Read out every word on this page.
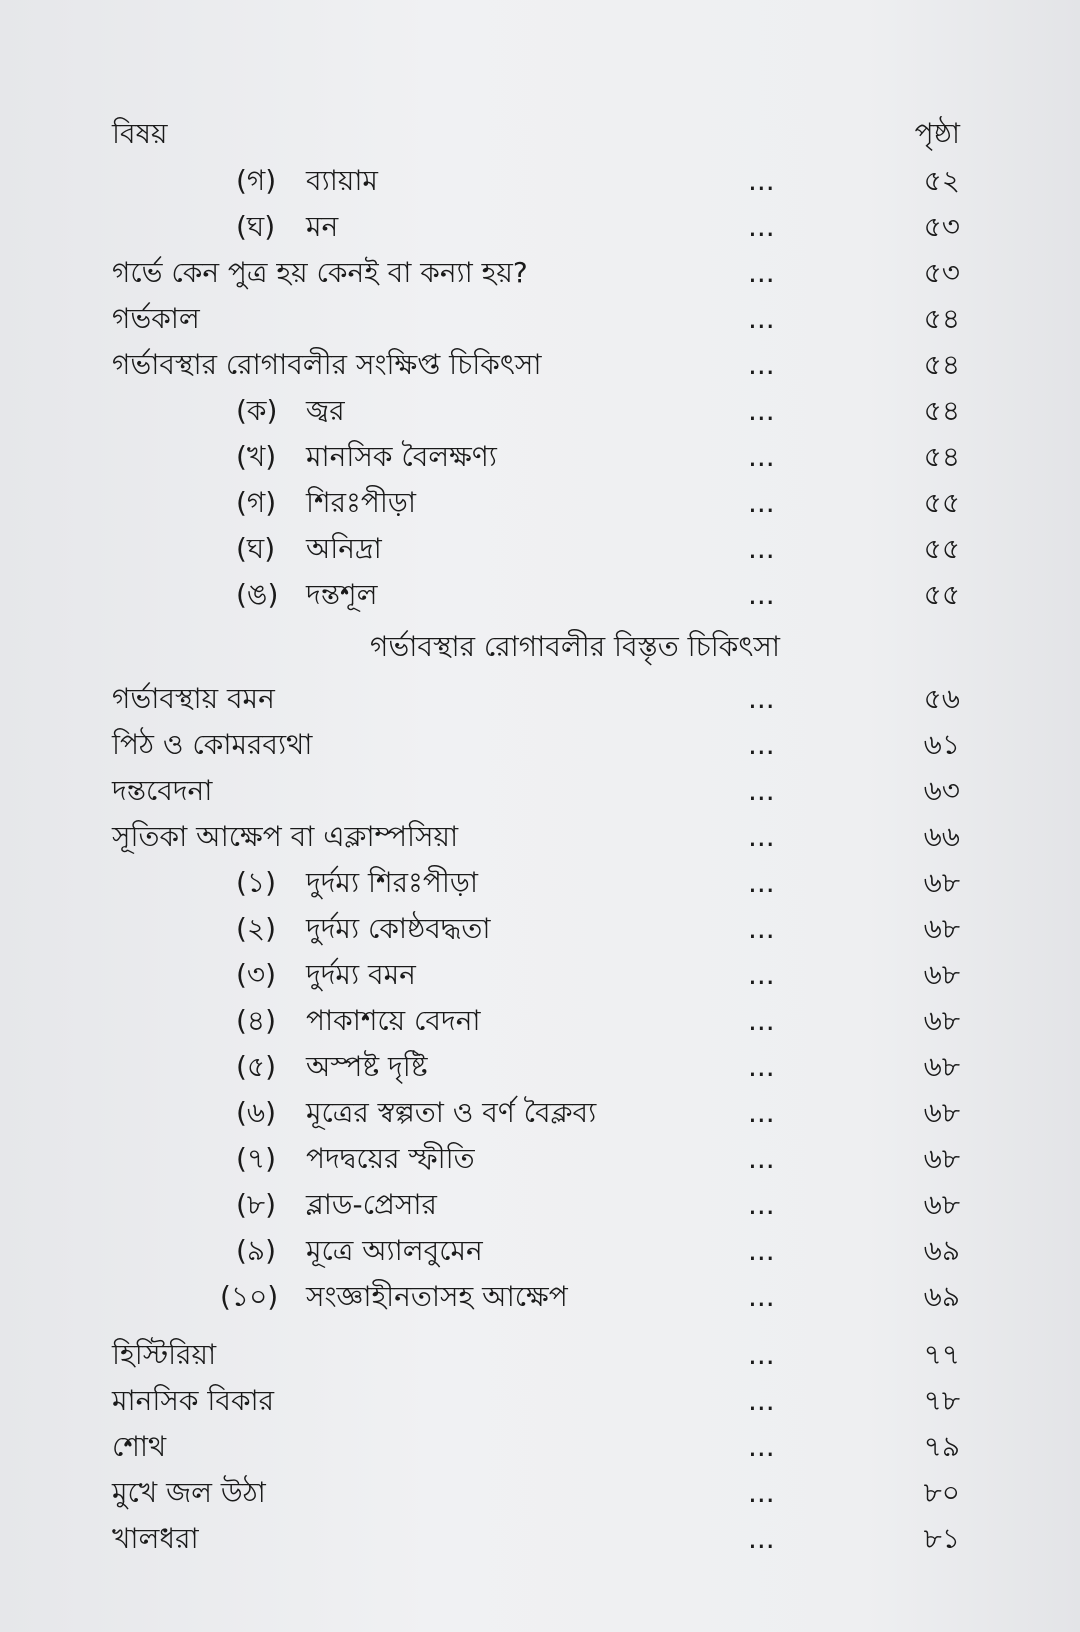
বিষয়	পৃষ্ঠা
(গ) ব্যায়াম	...	৫২
(ঘ) মন	...	৫৩
গর্ভে কেন পুত্র হয় কেনই বা কন্যা হয়?	...	৫৩
গর্ভকাল	...	৫৪
গর্ভাবস্থার রোগাবলীর সংক্ষিপ্ত চিকিৎসা	...	৫৪
(ক) জ্বর	...	৫৪
(খ) মানসিক বৈলক্ষণ্য	...	৫৪
(গ) শিরঃপীড়া	...	৫৫
(ঘ) অনিদ্রা	...	৫৫
(ঙ) দন্তশূল	...	৫৫
গর্ভাবস্থার রোগাবলীর বিস্তৃত চিকিৎসা
গর্ভাবস্থায় বমন	...	৫৬
পিঠ ও কোমরব্যথা	...	৬১
দন্তবেদনা	...	৬৩
সূতিকা আক্ষেপ বা এক্লাম্পসিয়া	...	৬৬
(১) দুর্দম্য শিরঃপীড়া	...	৬৮
(২) দুর্দম্য কোষ্ঠবদ্ধতা	...	৬৮
(৩) দুর্দম্য বমন	...	৬৮
(৪) পাকাশয়ে বেদনা	...	৬৮
(৫) অস্পষ্ট দৃষ্টি	...	৬৮
(৬) মূত্রের স্বল্পতা ও বর্ণ বৈক্লব্য	...	৬৮
(৭) পদদ্বয়ের স্ফীতি	...	৬৮
(৮) ব্লাড-প্রেসার	...	৬৮
(৯) মূত্রে অ্যালবুমেন	...	৬৯
(১০) সংজ্ঞাহীনতাসহ আক্ষেপ	...	৬৯
হিস্টিরিয়া	...	৭৭
মানসিক বিকার	...	৭৮
শোথ	...	৭৯
মুখে জল উঠা	...	৮০
খালধরা	...	৮১
